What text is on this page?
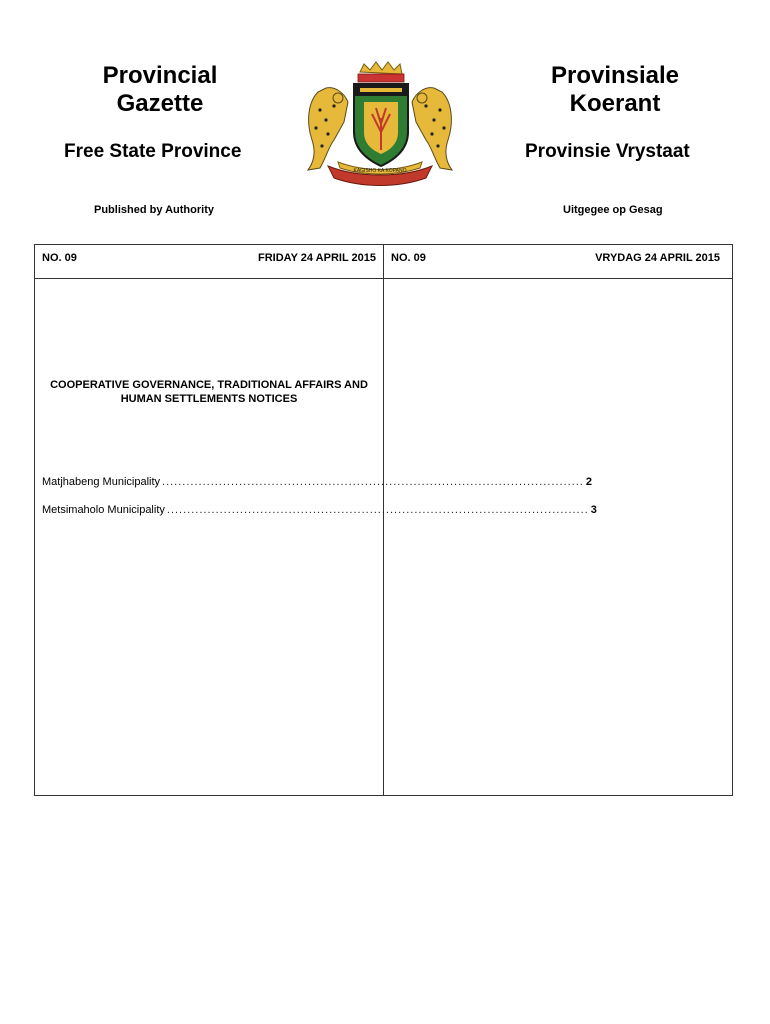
Provincial
Gazette
Provinsiale
Koerant
Free State Province	Provinsie Vrystaat
KAGISHO KA KOPANO
Published by Authority	Uitgegee op Gesag
NO. 09	FRIDAY 24 APRIL 2015 NO. 09	VRYDAG 24 APRIL 2015
COOPERATIVE GOVERNANCE, TRADITIONAL AFFAIRS AND HUMAN SETTLEMENTS NOTICES
Matjhabeng Municipality ........................................................................................................ 2
Metsimaholo Municipality ........................................................................................................ 3
